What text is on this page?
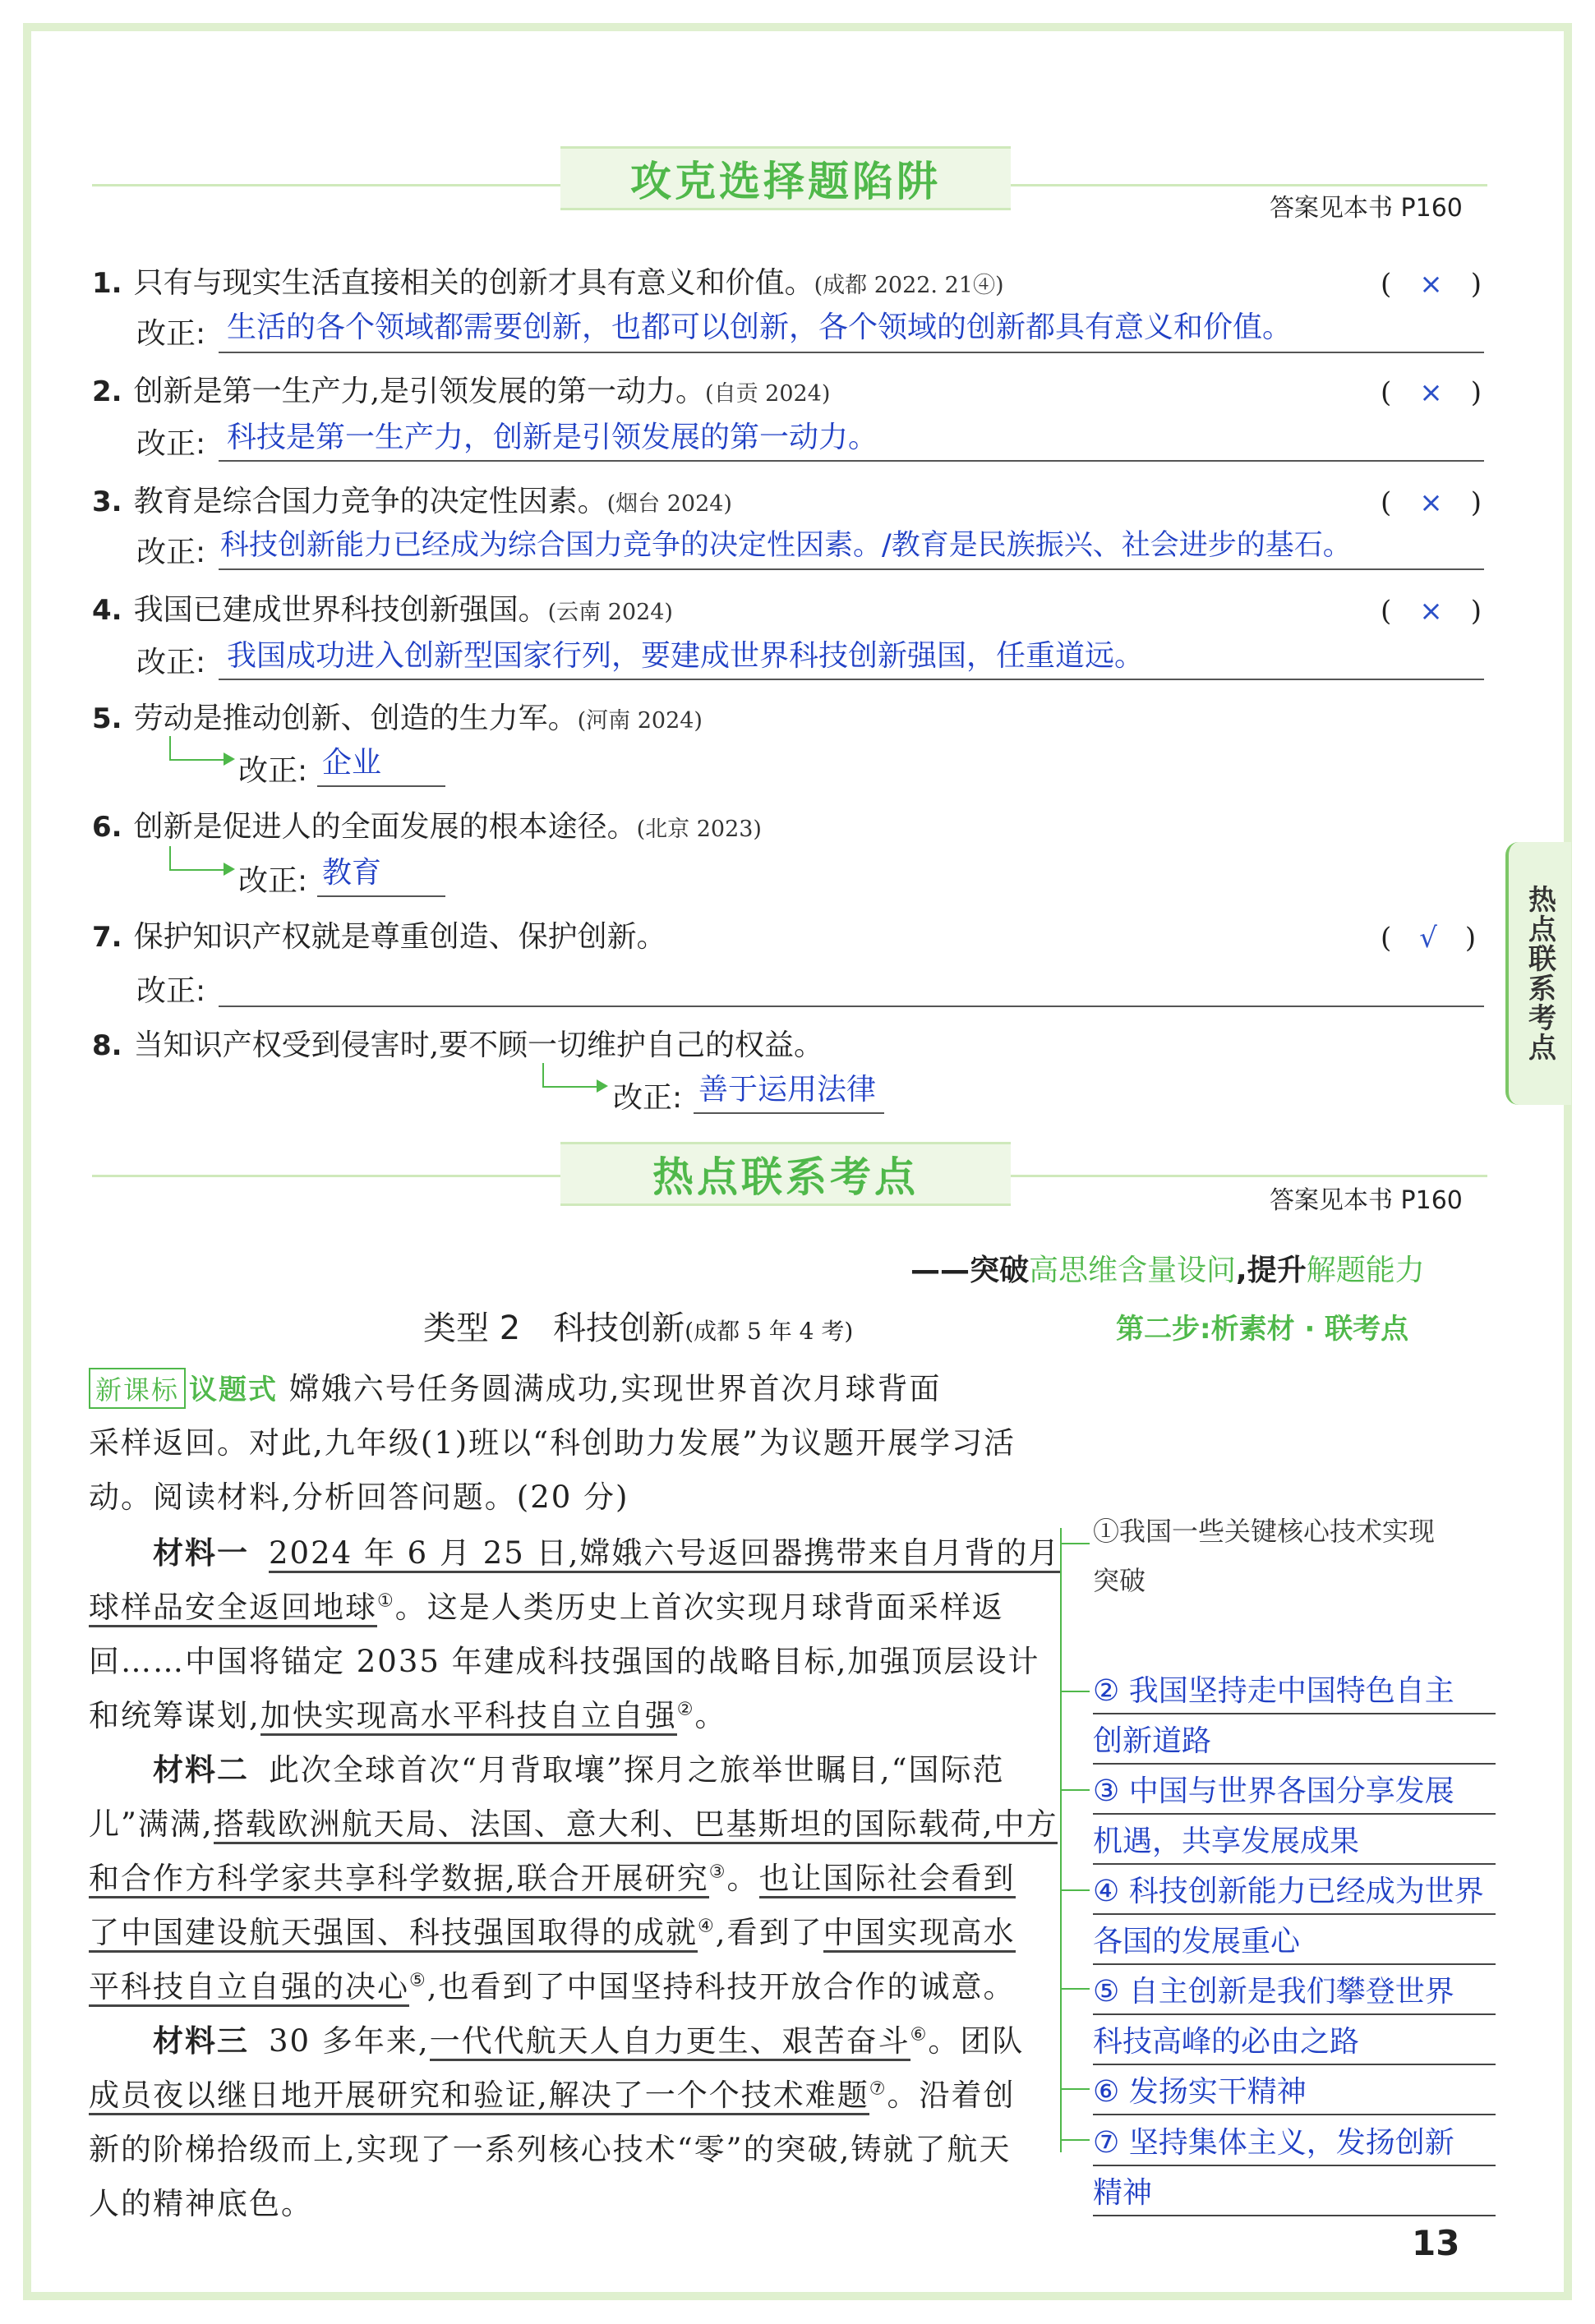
攻克选择题陷阱
答案见本书 P160
1. 只有与现实生活直接相关的创新才具有意义和价值。(成都 2022. 21④)	(　×　)
改正: 生活的各个领域都需要创新，也都可以创新，各个领域的创新都具有意义和价值。
2. 创新是第一生产力,是引领发展的第一动力。(自贡 2024)	(　×　)
改正: 科技是第一生产力，创新是引领发展的第一动力。
3. 教育是综合国力竞争的决定性因素。(烟台 2024)	(　×　)
改正: 科技创新能力已经成为综合国力竞争的决定性因素。/教育是民族振兴、社会进步的基石。
4. 我国已建成世界科技创新强国。(云南 2024)	(　×　)
改正: 我国成功进入创新型国家行列，要建成世界科技创新强国，任重道远。
5. 劳动是推动创新、创造的生力军。(河南 2024)
改正: 企业
6. 创新是促进人的全面发展的根本途径。(北京 2023)
改正: 教育
7. 保护知识产权就是尊重创造、保护创新。	(　√　)
改正:
8. 当知识产权受到侵害时,要不顾一切维护自己的权益。
改正: 善于运用法律
热点联系考点
热点联系考点	答案见本书 P160
——突破高思维含量设问,提升解题能力
类型 2　科技创新(成都 5 年 4 考)	第二步:析素材 · 联考点
新课标 议题式 嫦娥六号任务圆满成功,实现世界首次月球背面
采样返回。对此,九年级(1)班以“科创助力发展”为议题开展学习活
动。阅读材料,分析回答问题。(20 分)
材料一 2024 年 6 月 25 日,嫦娥六号返回器携带来自月背的月
球样品安全返回地球①。这是人类历史上首次实现月球背面采样返
回……中国将锚定 2035 年建成科技强国的战略目标,加强顶层设计
和统筹谋划,加快实现高水平科技自立自强②。
材料二 此次全球首次“月背取壤”探月之旅举世瞩目,“国际范
儿”满满,搭载欧洲航天局、法国、意大利、巴基斯坦的国际载荷,中方
和合作方科学家共享科学数据,联合开展研究③。也让国际社会看到
了中国建设航天强国、科技强国取得的成就④,看到了中国实现高水
平科技自立自强的决心⑤,也看到了中国坚持科技开放合作的诚意。
材料三 30 多年来,一代代航天人自力更生、艰苦奋斗⑥。团队
成员夜以继日地开展研究和验证,解决了一个个技术难题⑦。沿着创
新的阶梯拾级而上,实现了一系列核心技术“零”的突破,铸就了航天
人的精神底色。
①我国一些关键核心技术实现
突破
② 我国坚持走中国特色自主
创新道路
③ 中国与世界各国分享发展
机遇，共享发展成果
④ 科技创新能力已经成为世界
各国的发展重心
⑤ 自主创新是我们攀登世界
科技高峰的必由之路
⑥ 发扬实干精神
⑦ 坚持集体主义，发扬创新
精神
13
